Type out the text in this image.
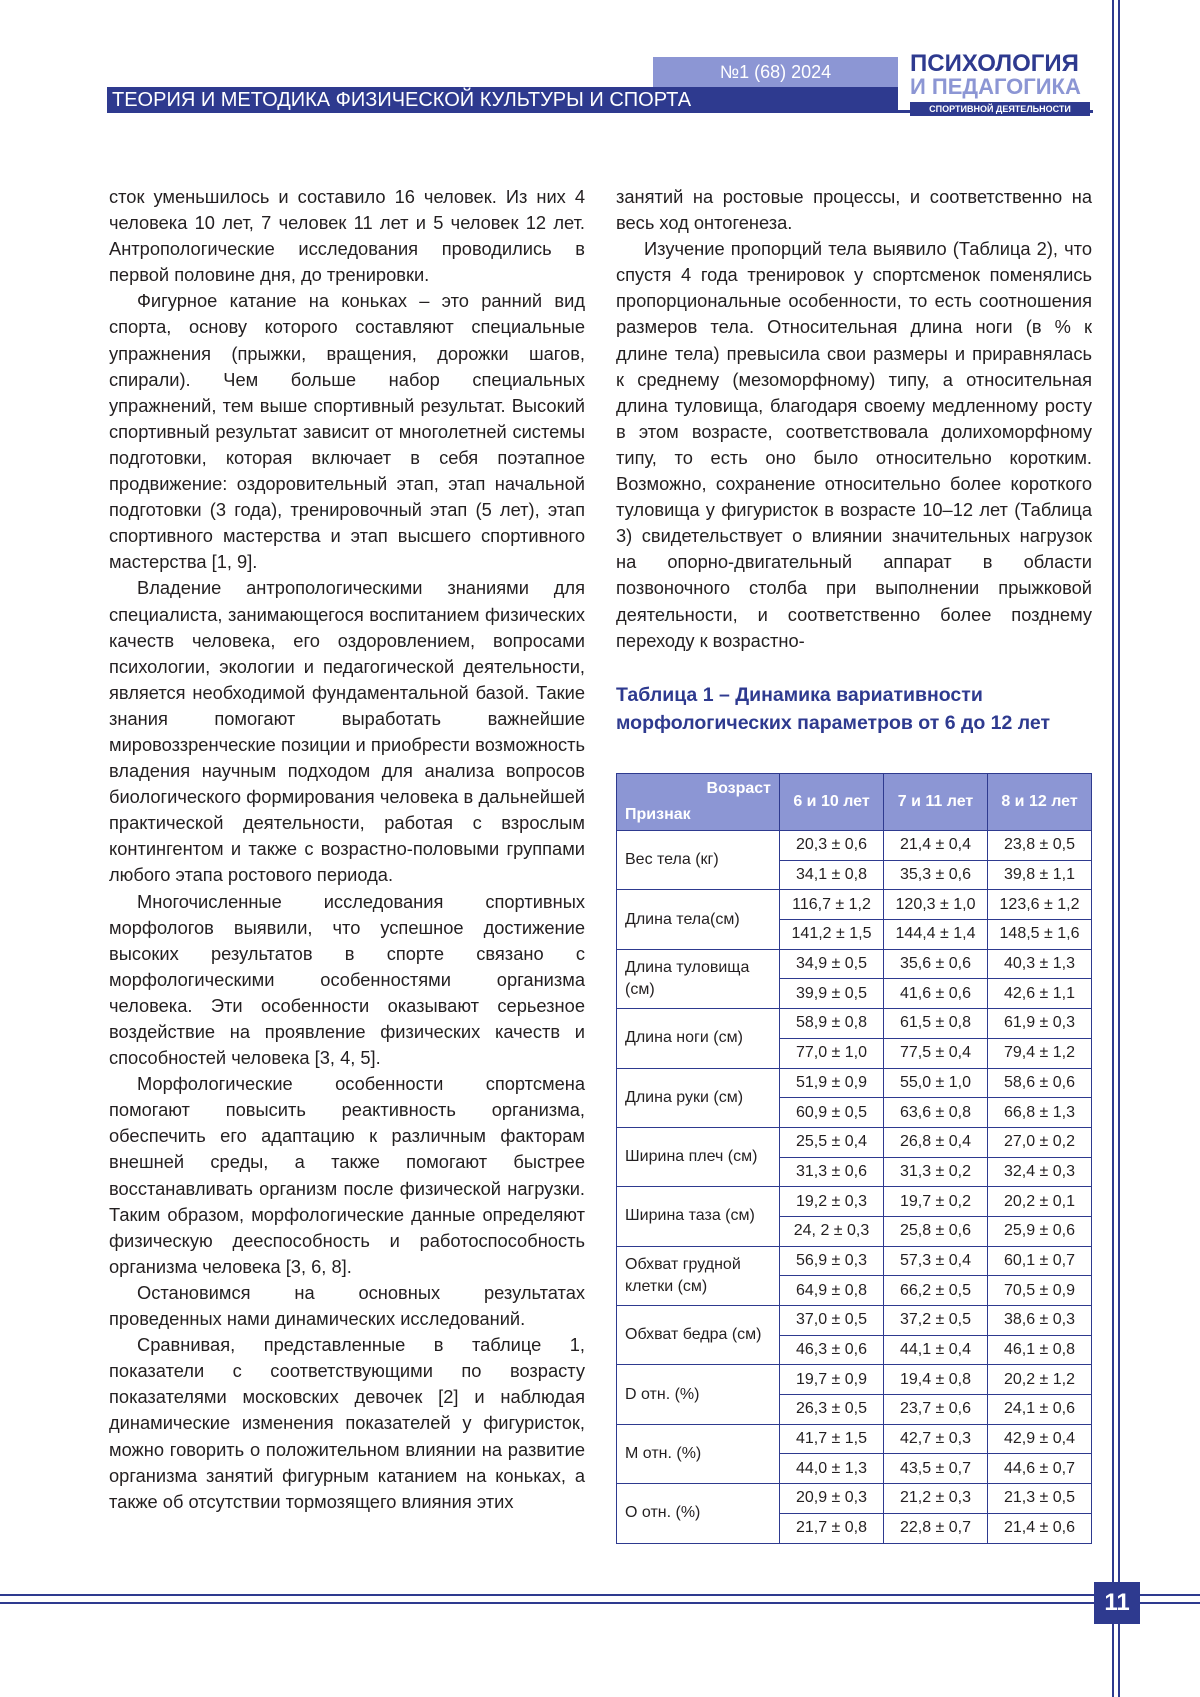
№1 (68) 2024
ТЕОРИЯ И МЕТОДИКА ФИЗИЧЕСКОЙ КУЛЬТУРЫ И СПОРТА
ПСИХОЛОГИЯ
И ПЕДАГОГИКА
СПОРТИВНОЙ ДЕЯТЕЛЬНОСТИ

сток уменьшилось и составило 16 человек. Из них 4 человека 10 лет, 7 человек 11 лет и 5 человек 12 лет. Антропологические исследования проводились в первой половине дня, до тренировки.

Фигурное катание на коньках – это ранний вид спорта, основу которого составляют специальные упражнения (прыжки, вращения, дорожки шагов, спирали). Чем больше набор специальных упражнений, тем выше спортивный результат. Высокий спортивный результат зависит от многолетней системы подготовки, которая включает в себя поэтапное продвижение: оздоровительный этап, этап начальной подготовки (3 года), тренировочный этап (5 лет), этап спортивного мастерства и этап высшего спортивного мастерства [1, 9].

Владение антропологическими знаниями для специалиста, занимающегося воспитанием физических качеств человека, его оздоровлением, вопросами психологии, экологии и педагогической деятельности, является необходимой фундаментальной базой. Такие знания помогают выработать важнейшие мировоззренческие позиции и приобрести возможность владения научным подходом для анализа вопросов биологического формирования человека в дальнейшей практической деятельности, работая с взрослым контингентом и также с возрастно-половыми группами любого этапа ростового периода.

Многочисленные исследования спортивных морфологов выявили, что успешное достижение высоких результатов в спорте связано с морфологическими особенностями организма человека. Эти особенности оказывают серьезное воздействие на проявление физических качеств и способностей человека [3, 4, 5].

Морфологические особенности спортсмена помогают повысить реактивность организма, обеспечить его адаптацию к различным факторам внешней среды, а также помогают быстрее восстанавливать организм после физической нагрузки. Таким образом, морфологические данные определяют физическую дееспособность и работоспособность организма человека [3, 6, 8].

Остановимся на основных результатах проведенных нами динамических исследований.

Сравнивая, представленные в таблице 1, показатели с соответствующими по возрасту показателями московских девочек [2] и наблюдая динамические изменения показателей у фигуристок, можно говорить о положительном влиянии на развитие организма занятий фигурным катанием на коньках, а также об отсутствии тормозящего влияния этих

занятий на ростовые процессы, и соответственно на весь ход онтогенеза.

Изучение пропорций тела выявило (Таблица 2), что спустя 4 года тренировок у спортсменок поменялись пропорциональные особенности, то есть соотношения размеров тела. Относительная длина ноги (в % к длине тела) превысила свои размеры и приравнялась к среднему (мезоморфному) типу, а относительная длина туловища, благодаря своему медленному росту в этом возрасте, соответствовала долихоморфному типу, то есть оно было относительно коротким. Возможно, сохранение относительно более короткого туловища у фигуристок в возрасте 10–12 лет (Таблица 3) свидетельствует о влиянии значительных нагрузок на опорно-двигательный аппарат в области позвоночного столба при выполнении прыжковой деятельности, и соответственно более позднему переходу к возрастно-

Таблица 1 – Динамика вариативности морфологических параметров от 6 до 12 лет
Возраст
Признак	6 и 10 лет	7 и 11 лет	8 и 12 лет
Вес тела (кг)	20,3 ± 0,6	21,4 ± 0,4	23,8 ± 0,5
	34,1 ± 0,8	35,3 ± 0,6	39,8 ± 1,1
Длина тела(см)	116,7 ± 1,2	120,3 ± 1,0	123,6 ± 1,2
	141,2 ± 1,5	144,4 ± 1,4	148,5 ± 1,6
Длина туловища (см)	34,9 ± 0,5	35,6 ± 0,6	40,3 ± 1,3
	39,9 ± 0,5	41,6 ± 0,6	42,6 ± 1,1
Длина ноги (см)	58,9 ± 0,8	61,5 ± 0,8	61,9 ± 0,3
	77,0 ± 1,0	77,5 ± 0,4	79,4 ± 1,2
Длина руки (см)	51,9 ± 0,9	55,0 ± 1,0	58,6 ± 0,6
	60,9 ± 0,5	63,6 ± 0,8	66,8 ± 1,3
Ширина плеч (см)	25,5 ± 0,4	26,8 ± 0,4	27,0 ± 0,2
	31,3 ± 0,6	31,3 ± 0,2	32,4 ± 0,3
Ширина таза (см)	19,2 ± 0,3	19,7 ± 0,2	20,2 ± 0,1
	24, 2 ± 0,3	25,8 ± 0,6	25,9 ± 0,6
Обхват грудной клетки (см)	56,9 ± 0,3	57,3 ± 0,4	60,1 ± 0,7
	64,9 ± 0,8	66,2 ± 0,5	70,5 ± 0,9
Обхват бедра (см)	37,0 ± 0,5	37,2 ± 0,5	38,6 ± 0,3
	46,3 ± 0,6	44,1 ± 0,4	46,1 ± 0,8
D отн. (%)	19,7 ± 0,9	19,4 ± 0,8	20,2 ± 1,2
	26,3 ± 0,5	23,7 ± 0,6	24,1 ± 0,6
M отн. (%)	41,7 ± 1,5	42,7 ± 0,3	42,9 ± 0,4
	44,0 ± 1,3	43,5 ± 0,7	44,6 ± 0,7
O отн. (%)	20,9 ± 0,3	21,2 ± 0,3	21,3 ± 0,5
	21,7 ± 0,8	22,8 ± 0,7	21,4 ± 0,6
11
